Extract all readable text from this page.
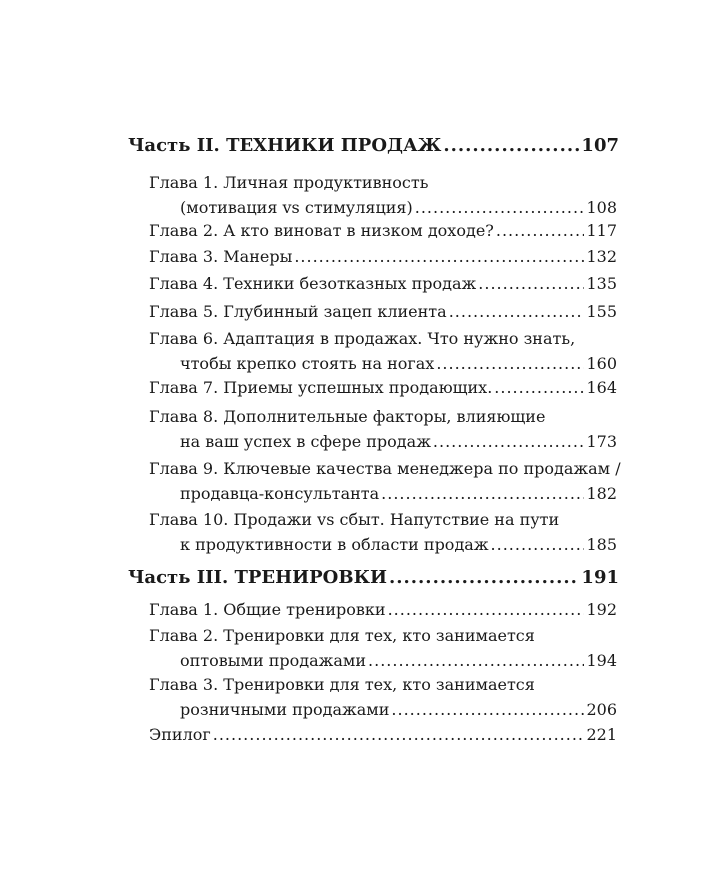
Часть II. ТЕХНИКИ ПРОДАЖ .....	107
Глава 1. Личная продуктивность
(мотивация vs стимуляция) .....	108
Глава 2. А кто виноват в низком доходе? .....	117
Глава 3. Манеры .....	132
Глава 4. Техники безотказных продаж .....	135
Глава 5. Глубинный зацеп клиента .....	155
Глава 6. Адаптация в продажах. Что нужно знать,
чтобы крепко стоять на ногах .....	160
Глава 7. Приемы успешных продающих. .....	164
Глава 8. Дополнительные факторы, влияющие
на ваш успех в сфере продаж .....	173
Глава 9. Ключевые качества менеджера по продажам /
продавца-консультанта .....	182
Глава 10. Продажи vs сбыт. Напутствие на пути
к продуктивности в области продаж .....	185
Часть III. ТРЕНИРОВКИ .....	191
Глава 1. Общие тренировки .....	192
Глава 2. Тренировки для тех, кто занимается
оптовыми продажами .....	194
Глава 3. Тренировки для тех, кто занимается
розничными продажами .....	206
Эпилог .....	221
